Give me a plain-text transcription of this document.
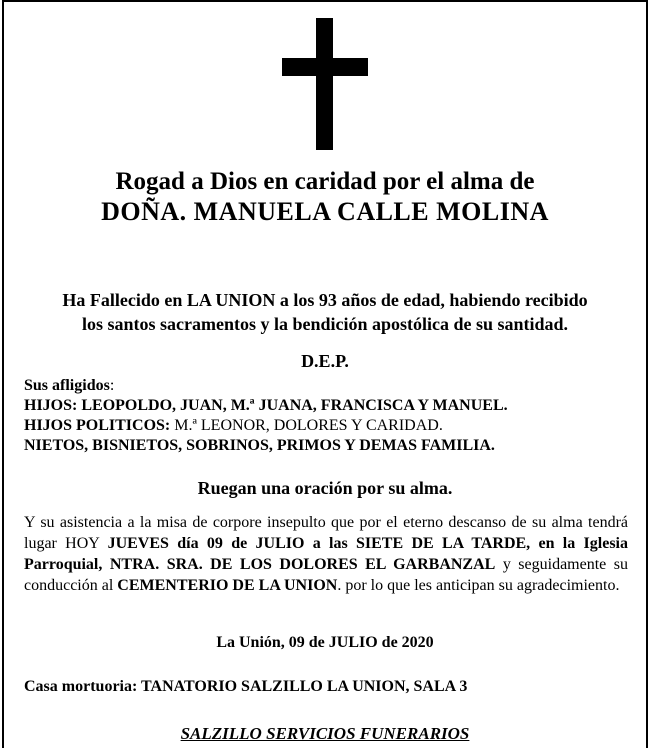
Rogad a Dios en caridad por el alma de
DOÑA. MANUELA CALLE MOLINA
Ha Fallecido en LA UNION a los 93 años de edad, habiendo recibido
los santos sacramentos y la bendición apostólica de su santidad.
D.E.P.
Sus afligidos:
HIJOS: LEOPOLDO, JUAN, M.ª JUANA, FRANCISCA Y MANUEL.
HIJOS POLITICOS: M.ª LEONOR, DOLORES Y CARIDAD.
NIETOS, BISNIETOS, SOBRINOS, PRIMOS Y DEMAS FAMILIA.
Ruegan una oración por su alma.
Y su asistencia a la misa de corpore insepulto que por el eterno descanso de su alma tendrá lugar HOY JUEVES día 09 de JULIO a las SIETE DE LA TARDE, en la Iglesia Parroquial, NTRA. SRA. DE LOS DOLORES EL GARBANZAL y seguidamente su conducción al CEMENTERIO DE LA UNION. por lo que les anticipan su agradecimiento.
La Unión, 09 de JULIO de 2020
Casa mortuoria: TANATORIO SALZILLO LA UNION, SALA 3
SALZILLO SERVICIOS FUNERARIOS
